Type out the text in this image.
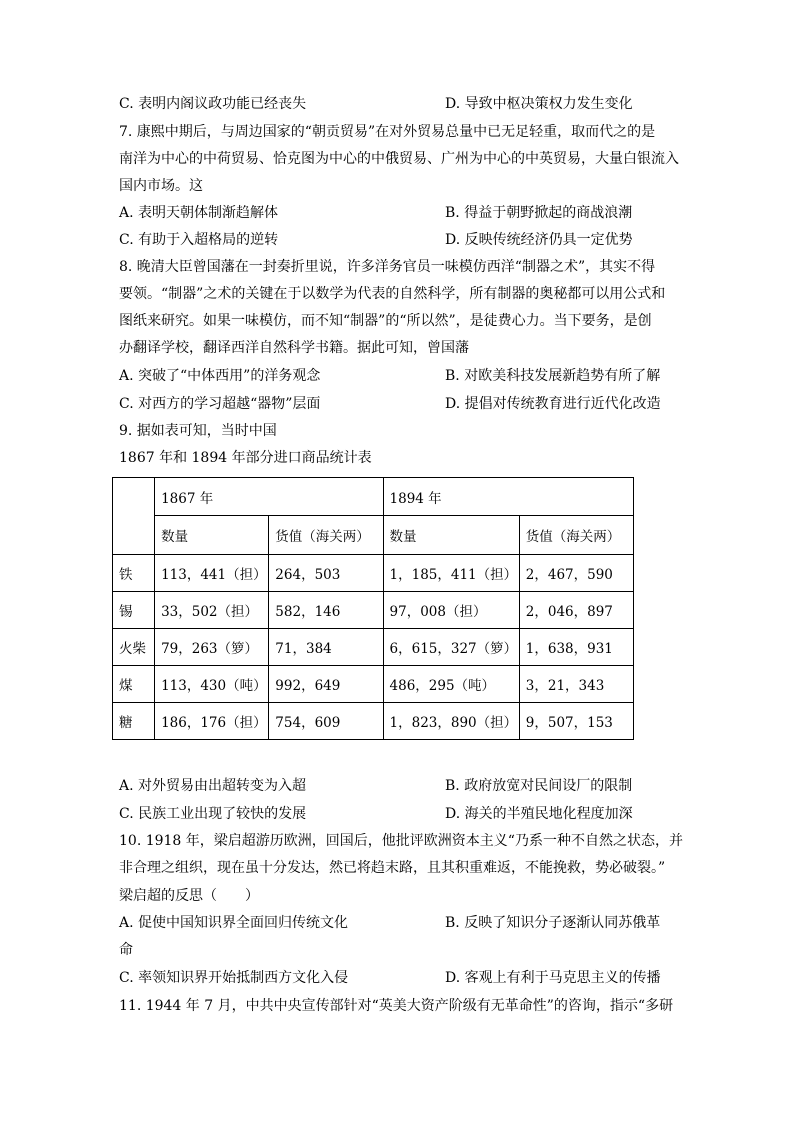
C. 表明内阁议政功能已经丧失	D. 导致中枢决策权力发生变化
7. 康熙中期后，与周边国家的“朝贡贸易”在对外贸易总量中已无足轻重，取而代之的是
南洋为中心的中荷贸易、恰克图为中心的中俄贸易、广州为中心的中英贸易，大量白银流入
国内市场。这
A. 表明天朝体制渐趋解体	B. 得益于朝野掀起的商战浪潮
C. 有助于入超格局的逆转	D. 反映传统经济仍具一定优势
8. 晚清大臣曾国藩在一封奏折里说，许多洋务官员一味模仿西洋“制器之术”，其实不得
要领。“制器”之术的关键在于以数学为代表的自然科学，所有制器的奥秘都可以用公式和
图纸来研究。如果一味模仿，而不知“制器”的“所以然”，是徒费心力。当下要务，是创
办翻译学校，翻译西洋自然科学书籍。据此可知，曾国藩
A. 突破了“中体西用”的洋务观念	B. 对欧美科技发展新趋势有所了解
C. 对西方的学习超越“器物”层面	D. 提倡对传统教育进行近代化改造
9. 据如表可知，当时中国
1867 年和 1894 年部分进口商品统计表
	1867 年		1894 年	
	数量	货值（海关两）	数量	货值（海关两）
铁	113，441（担）	264，503	1，185，411（担）	2，467，590
锡	33，502（担）	582，146	97，008（担）	2，046，897
火柴	79，263（箩）	71，384	6，615，327（箩）	1，638，931
煤	113，430（吨）	992，649	486，295（吨）	3，21，343
糖	186，176（担）	754，609	1，823，890（担）	9，507，153
A. 对外贸易由出超转变为入超	B. 政府放宽对民间设厂的限制
C. 民族工业出现了较快的发展	D. 海关的半殖民地化程度加深
10. 1918 年，梁启超游历欧洲，回国后，他批评欧洲资本主义“乃系一种不自然之状态，并
非合理之组织，现在虽十分发达，然已将趋末路，且其积重难返，不能挽救，势必破裂。”
梁启超的反思（　　）
A. 促使中国知识界全面回归传统文化	B. 反映了知识分子逐渐认同苏俄革
命
C. 率领知识界开始抵制西方文化入侵	D. 客观上有利于马克思主义的传播
11. 1944 年 7 月，中共中央宣传部针对“英美大资产阶级有无革命性”的咨询，指示“多研
